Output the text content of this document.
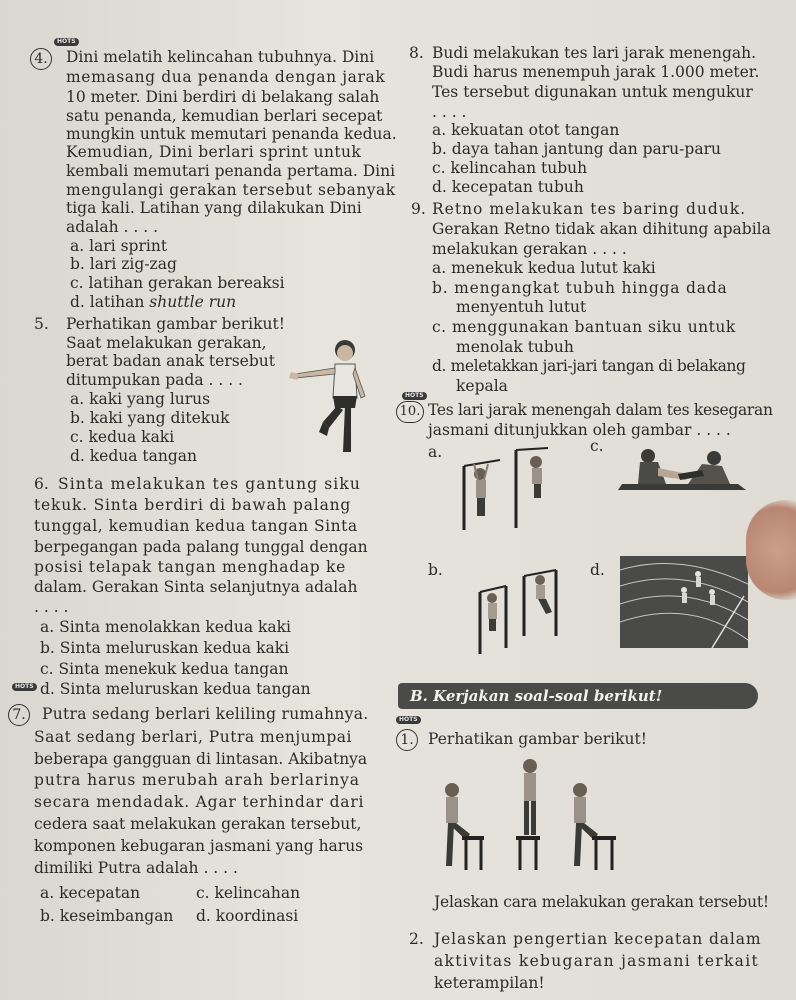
HOTS
4. Dini melatih kelincahan tubuhnya. Dini
memasang dua penanda dengan jarak
10 meter. Dini berdiri di belakang salah
satu penanda, kemudian berlari secepat
mungkin untuk memutari penanda kedua.
Kemudian, Dini berlari sprint untuk
kembali memutari penanda pertama. Dini
mengulangi gerakan tersebut sebanyak
tiga kali. Latihan yang dilakukan Dini
adalah . . . .
a. lari sprint
b. lari zig-zag
c. latihan gerakan bereaksi
d. latihan shuttle run
5. Perhatikan gambar berikut!
Saat melakukan gerakan,
berat badan anak tersebut
ditumpukan pada . . . .
a. kaki yang lurus
b. kaki yang ditekuk
c. kedua kaki
d. kedua tangan
6. Sinta melakukan tes gantung siku
tekuk. Sinta berdiri di bawah palang
tunggal, kemudian kedua tangan Sinta
berpegangan pada palang tunggal dengan
posisi telapak tangan menghadap ke
dalam. Gerakan Sinta selanjutnya adalah
. . . .
a. Sinta menolakkan kedua kaki
b. Sinta meluruskan kedua kaki
c. Sinta menekuk kedua tangan
d. Sinta meluruskan kedua tangan
HOTS
7. Putra sedang berlari keliling rumahnya.
Saat sedang berlari, Putra menjumpai
beberapa gangguan di lintasan. Akibatnya
putra harus merubah arah berlarinya
secara mendadak. Agar terhindar dari
cedera saat melakukan gerakan tersebut,
komponen kebugaran jasmani yang harus
dimiliki Putra adalah . . . .
a. kecepatan	c. kelincahan
b. keseimbangan d. koordinasi
8. Budi melakukan tes lari jarak menengah.
Budi harus menempuh jarak 1.000 meter.
Tes tersebut digunakan untuk mengukur
. . . .
a. kekuatan otot tangan
b. daya tahan jantung dan paru-paru
c. kelincahan tubuh
d. kecepatan tubuh
9. Retno melakukan tes baring duduk.
Gerakan Retno tidak akan dihitung apabila
melakukan gerakan . . . .
a. menekuk kedua lutut kaki
b. mengangkat tubuh hingga dada
menyentuh lutut
c. menggunakan bantuan siku untuk
menolak tubuh
d. meletakkan jari-jari tangan di belakang
kepala
HOTS
10. Tes lari jarak menengah dalam tes kesegaran
jasmani ditunjukkan oleh gambar . . . .
a.
b.
c.
d.
B. Kerjakan soal-soal berikut!
HOTS
1. Perhatikan gambar berikut!
Jelaskan cara melakukan gerakan tersebut!
2. Jelaskan pengertian kecepatan dalam
aktivitas kebugaran jasmani terkait
keterampilan!
